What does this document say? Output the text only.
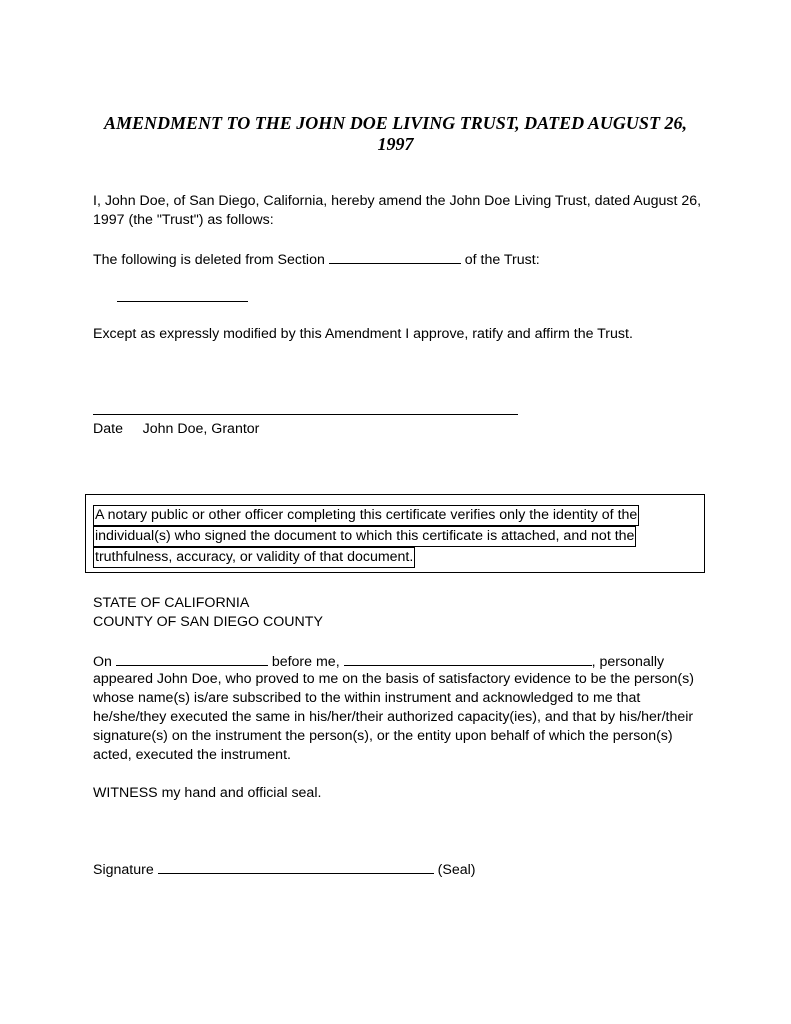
AMENDMENT TO THE JOHN DOE LIVING TRUST, DATED AUGUST 26, 1997

I, John Doe, of San Diego, California, hereby amend the John Doe Living Trust, dated August 26, 1997 (the "Trust") as follows:

The following is deleted from Section	of the Trust:

Except as expressly modified by this Amendment I approve, ratify and affirm the Trust.

Date     John Doe, Grantor

A notary public or other officer completing this certificate verifies only the identity of the
individual(s) who signed the document to which this certificate is attached, and not the
truthfulness, accuracy, or validity of that document.

STATE OF CALIFORNIA

COUNTY OF SAN DIEGO COUNTY

On	before me,	, personally

appeared John Doe, who proved to me on the basis of satisfactory evidence to be the person(s) whose name(s) is/are subscribed to the within instrument and acknowledged to me that he/she/they executed the same in his/her/their authorized capacity(ies), and that by his/her/their signature(s) on the instrument the person(s), or the entity upon behalf of which the person(s) acted, executed the instrument.

WITNESS my hand and official seal.

Signature	(Seal)
